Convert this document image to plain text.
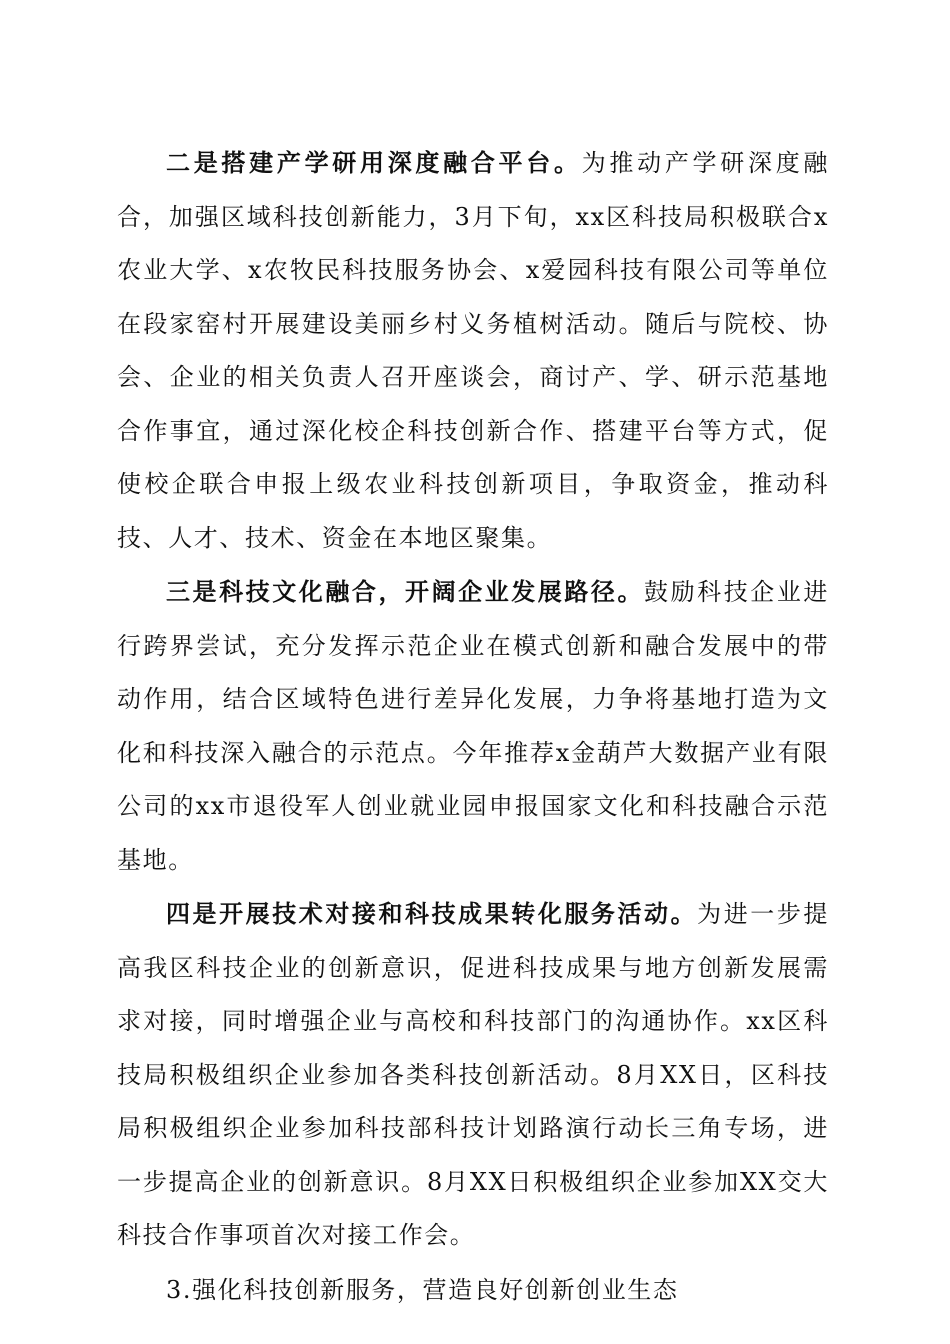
二是搭建产学研用深度融合平台。为推动产学研深度融合，加强区域科技创新能力，3月下旬，xx区科技局积极联合x农业大学、x农牧民科技服务协会、x爱园科技有限公司等单位在段家窑村开展建设美丽乡村义务植树活动。随后与院校、协会、企业的相关负责人召开座谈会，商讨产、学、研示范基地合作事宜，通过深化校企科技创新合作、搭建平台等方式，促使校企联合申报上级农业科技创新项目，争取资金，推动科技、人才、技术、资金在本地区聚集。

三是科技文化融合，开阔企业发展路径。鼓励科技企业进行跨界尝试，充分发挥示范企业在模式创新和融合发展中的带动作用，结合区域特色进行差异化发展，力争将基地打造为文化和科技深入融合的示范点。今年推荐x金葫芦大数据产业有限公司的xx市退役军人创业就业园申报国家文化和科技融合示范基地。

四是开展技术对接和科技成果转化服务活动。为进一步提高我区科技企业的创新意识，促进科技成果与地方创新发展需求对接，同时增强企业与高校和科技部门的沟通协作。xx区科技局积极组织企业参加各类科技创新活动。8月XX日，区科技局积极组织企业参加科技部科技计划路演行动长三角专场，进一步提高企业的创新意识。8月XX日积极组织企业参加XX交大科技合作事项首次对接工作会。

3.强化科技创新服务，营造良好创新创业生态
